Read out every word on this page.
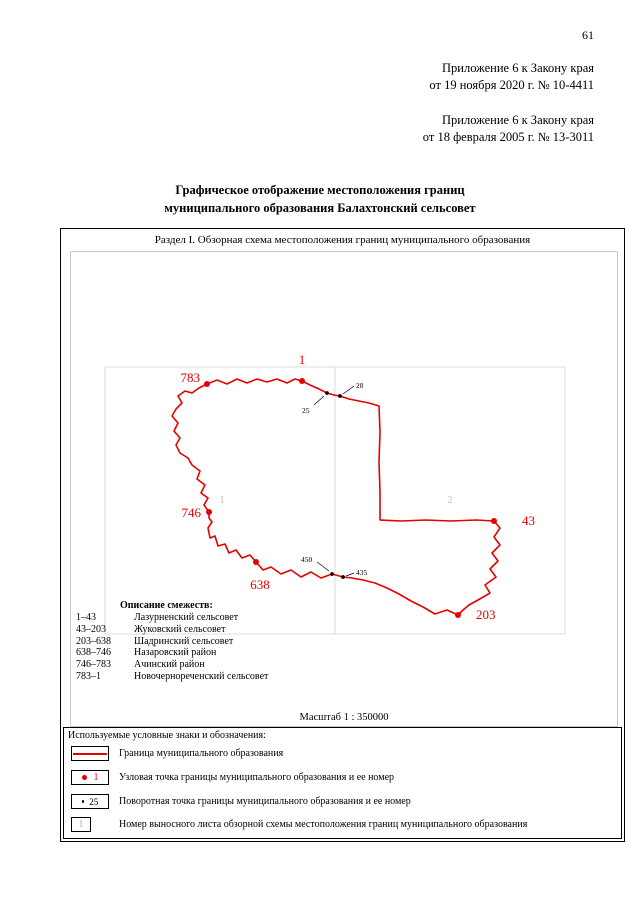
61
Приложение 6 к Закону края
от 19 ноября 2020 г. № 10-4411
Приложение 6 к Закону края
от 18 февраля 2005 г. № 13-3011
Графическое отображение местоположения границ
муниципального образования Балахтонский сельсовет
Раздел I. Обзорная схема местоположения границ муниципального образования
1	2
28
25
450
435
1
783
746
638
203
43
Описание смежеств:
1–43	Лазурненский сельсовет
43–203	Жуковский сельсовет
203–638	Шадринский сельсовет
638–746	Назаровский район
746–783	Ачинский район
783–1	Новочернореченский сельсовет
Масштаб 1 : 350000
Используемые условные знаки и обозначения:
Граница муниципального образования
1 Узловая точка границы муниципального образования и ее номер
25 Поворотная точка границы муниципального образования и ее номер
1	Номер выносного листа обзорной схемы местоположения границ муниципального образования
